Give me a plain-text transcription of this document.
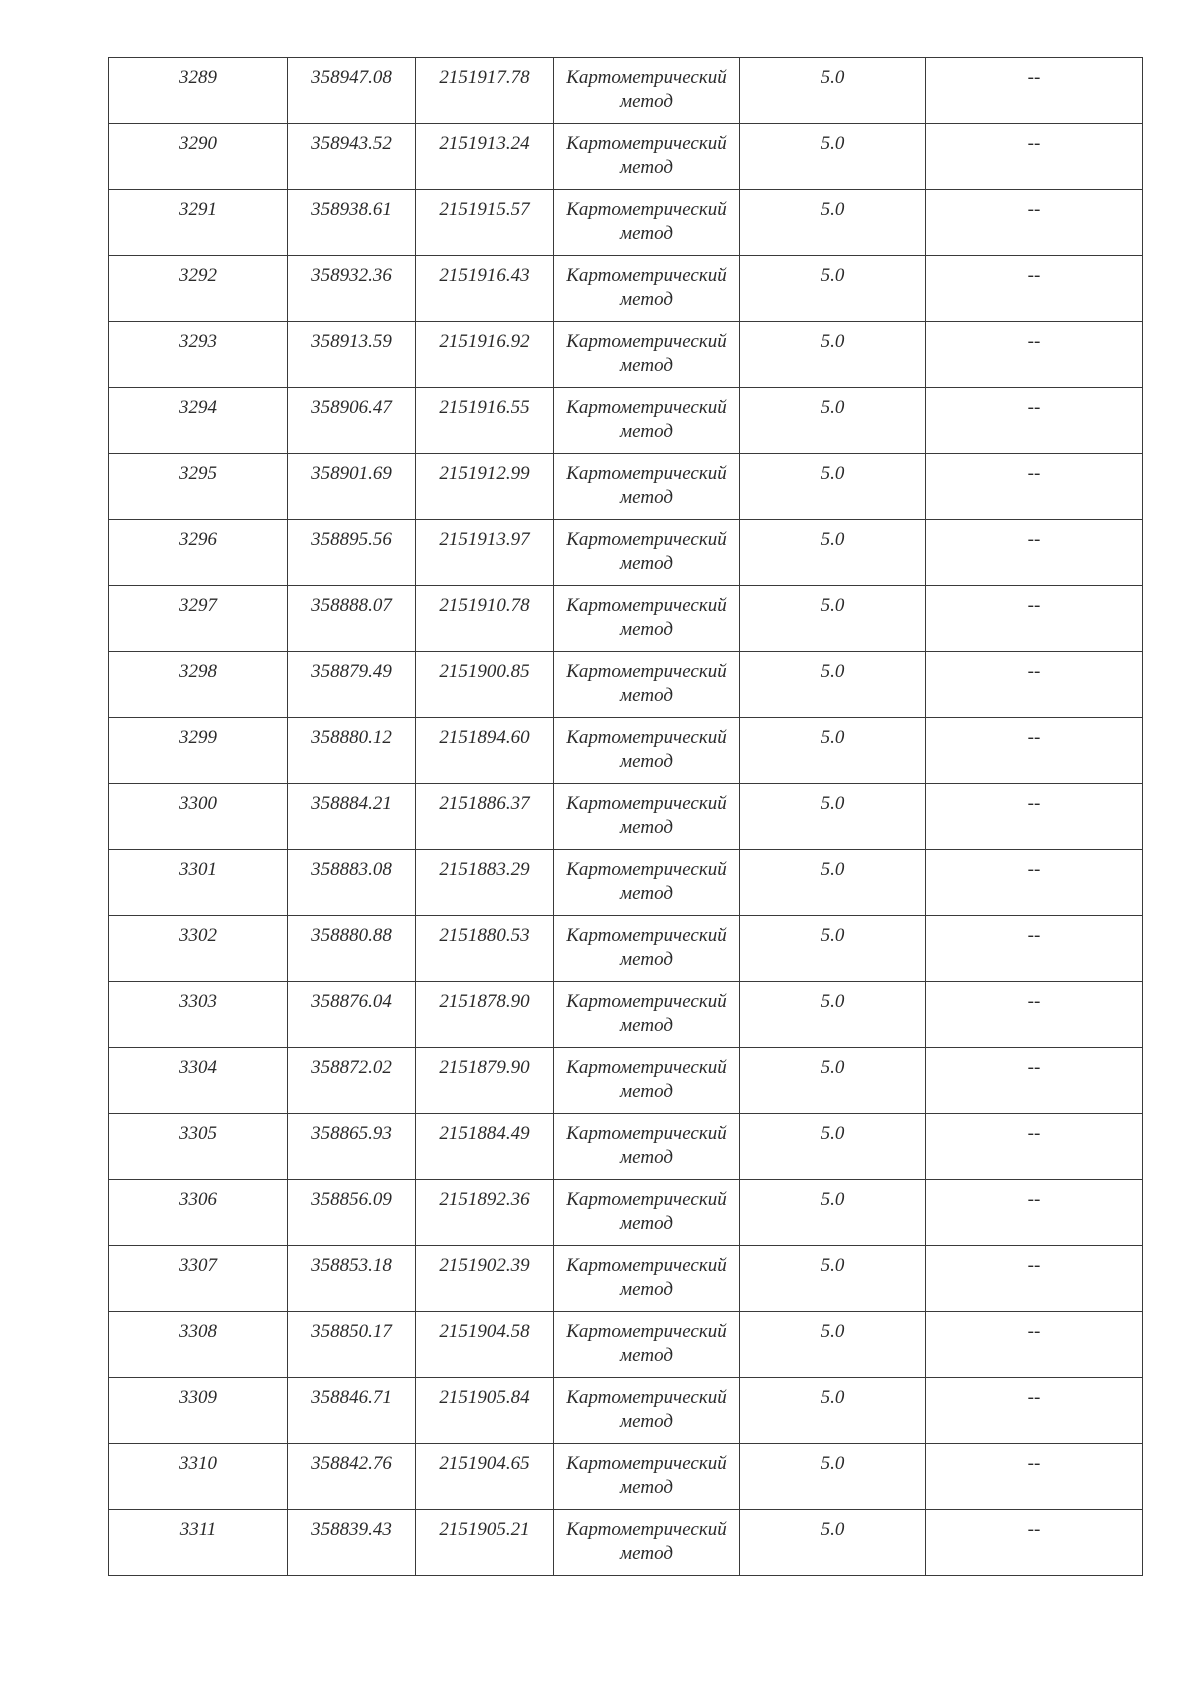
3289	358947.08	2151917.78	Картометрический метод	5.0	--
3290	358943.52	2151913.24	Картометрический метод	5.0	--
3291	358938.61	2151915.57	Картометрический метод	5.0	--
3292	358932.36	2151916.43	Картометрический метод	5.0	--
3293	358913.59	2151916.92	Картометрический метод	5.0	--
3294	358906.47	2151916.55	Картометрический метод	5.0	--
3295	358901.69	2151912.99	Картометрический метод	5.0	--
3296	358895.56	2151913.97	Картометрический метод	5.0	--
3297	358888.07	2151910.78	Картометрический метод	5.0	--
3298	358879.49	2151900.85	Картометрический метод	5.0	--
3299	358880.12	2151894.60	Картометрический метод	5.0	--
3300	358884.21	2151886.37	Картометрический метод	5.0	--
3301	358883.08	2151883.29	Картометрический метод	5.0	--
3302	358880.88	2151880.53	Картометрический метод	5.0	--
3303	358876.04	2151878.90	Картометрический метод	5.0	--
3304	358872.02	2151879.90	Картометрический метод	5.0	--
3305	358865.93	2151884.49	Картометрический метод	5.0	--
3306	358856.09	2151892.36	Картометрический метод	5.0	--
3307	358853.18	2151902.39	Картометрический метод	5.0	--
3308	358850.17	2151904.58	Картометрический метод	5.0	--
3309	358846.71	2151905.84	Картометрический метод	5.0	--
3310	358842.76	2151904.65	Картометрический метод	5.0	--
3311	358839.43	2151905.21	Картометрический метод	5.0	--
